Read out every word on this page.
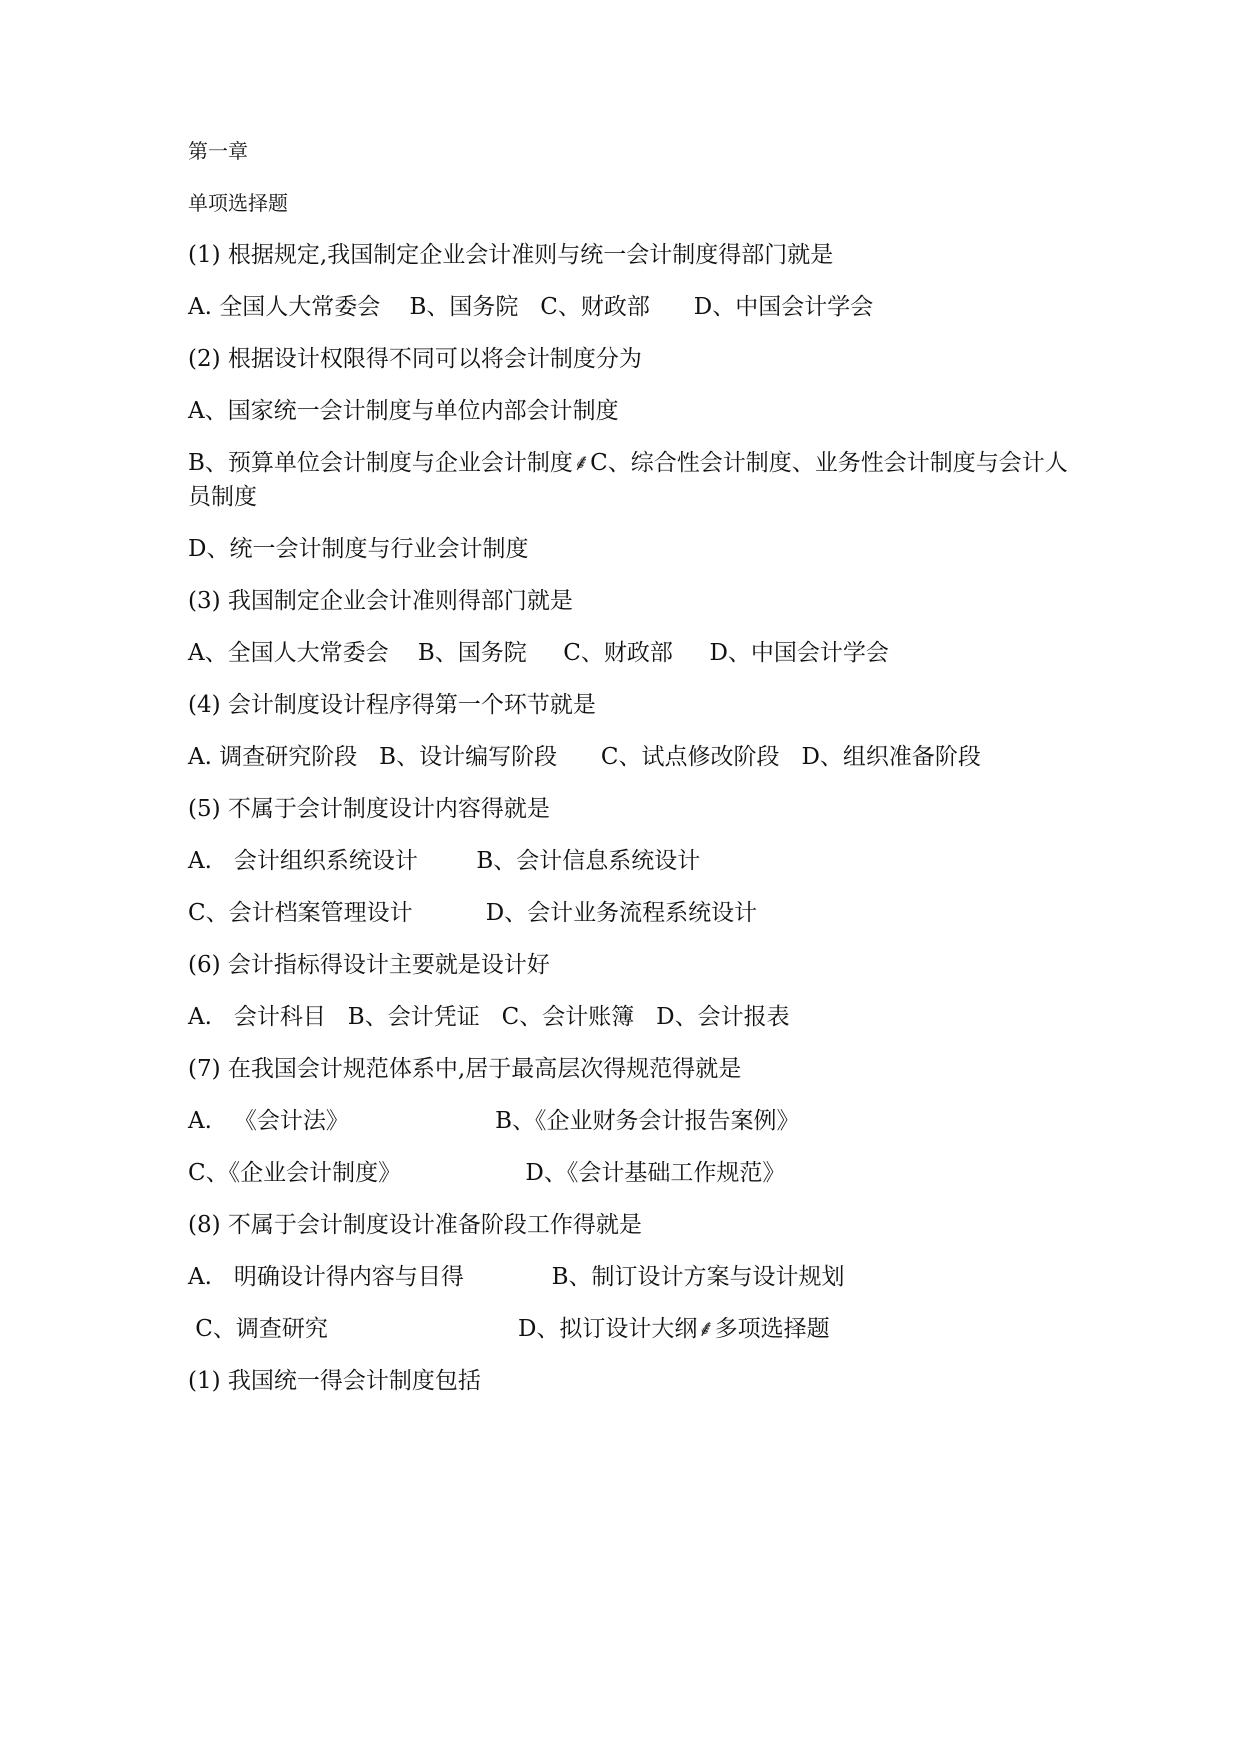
第一章
单项选择题
(1) 根据规定,我国制定企业会计准则与统一会计制度得部门就是
A. 全国人大常委会    B、国务院   C、财政部      D、中国会计学会
(2) 根据设计权限得不同可以将会计制度分为
A、国家统一会计制度与单位内部会计制度
B、预算单位会计制度与企业会计制度⸙C、综合性会计制度、业务性会计制度与会计人员制度
D、统一会计制度与行业会计制度
(3) 我国制定企业会计准则得部门就是
A、全国人大常委会    B、国务院     C、财政部     D、中国会计学会
(4) 会计制度设计程序得第一个环节就是
A. 调查研究阶段   B、设计编写阶段      C、试点修改阶段   D、组织准备阶段
(5) 不属于会计制度设计内容得就是
A.   会计组织系统设计        B、会计信息系统设计
C、会计档案管理设计          D、会计业务流程系统设计
(6) 会计指标得设计主要就是设计好
A.   会计科目   B、会计凭证   C、会计账簿   D、会计报表
(7) 在我国会计规范体系中,居于最高层次得规范得就是
A.   《会计法》                    B、《企业财务会计报告案例》
C、《企业会计制度》                 D、《会计基础工作规范》
(8) 不属于会计制度设计准备阶段工作得就是
A.   明确设计得内容与目得            B、制订设计方案与设计规划
C、调查研究                          D、拟订设计大纲⸙多项选择题
(1) 我国统一得会计制度包括
